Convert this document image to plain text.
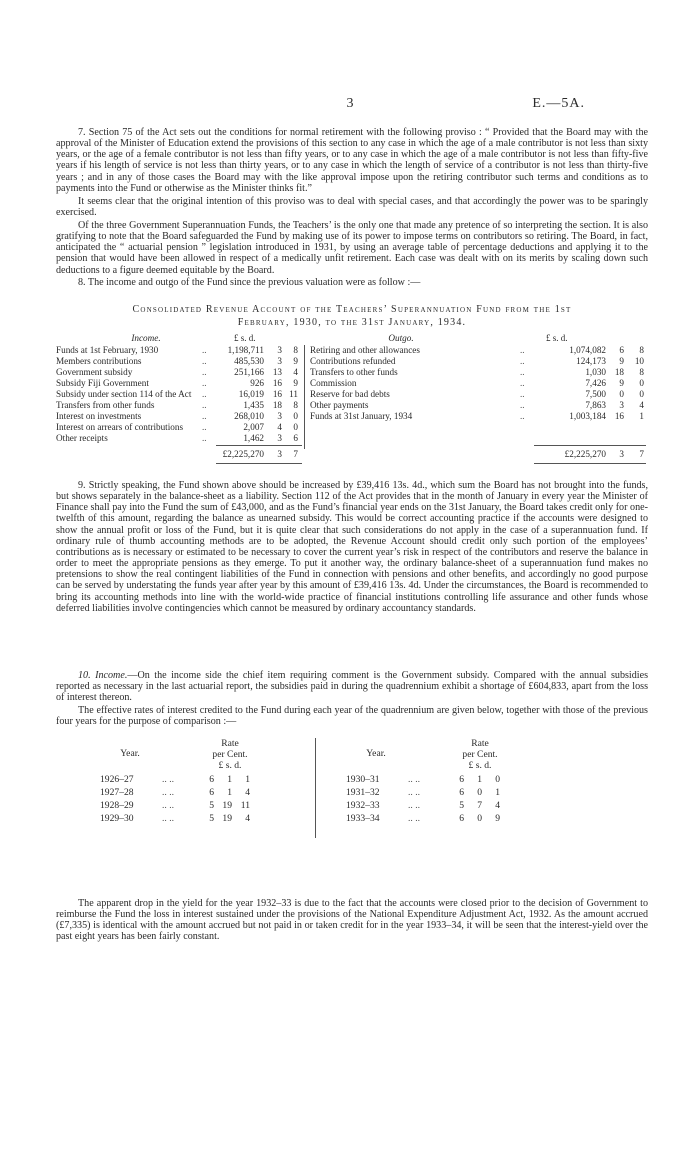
3	E.—5A.

7. Section 75 of the Act sets out the conditions for normal retirement with the following proviso : “ Provided that the Board may with the approval of the Minister of Education extend the provisions of this section to any case in which the age of a male contributor is not less than sixty years, or the age of a female contributor is not less than fifty years, or to any case in which the age of a male contributor is not less than fifty-five years if his length of service is not less than thirty years, or to any case in which the length of service of a contributor is not less than thirty-five years ; and in any of those cases the Board may with the like approval impose upon the retiring contributor such terms and conditions as to payments into the Fund or otherwise as the Minister thinks fit.”

It seems clear that the original intention of this proviso was to deal with special cases, and that accordingly the power was to be sparingly exercised.

Of the three Government Superannuation Funds, the Teachers’ is the only one that made any pretence of so interpreting the section. It is also gratifying to note that the Board safeguarded the Fund by making use of its power to impose terms on contributors so retiring. The Board, in fact, anticipated the “ actuarial pension ” legislation introduced in 1931, by using an average table of percentage deductions and applying it to the pension that would have been allowed in respect of a medically unfit retirement. Each case was dealt with on its merits by scaling down such deductions to a figure deemed equitable by the Board.

8. The income and outgo of the Fund since the previous valuation were as follow :—

Consolidated Revenue Account of the Teachers’ Superannuation Fund from the 1st
February, 1930, to the 31st January, 1934.
Income.	£ s. d.	Outgo.	£ s. d.
Funds at 1st February, 1930	..	1,198,711	3	8
Members contributions	..	485,530	3	9
Government subsidy	..	251,166 13	4
Subsidy Fiji Government	..	926 16	9
Subsidy under section 114 of the Act ..	16,019 16 11
Transfers from other funds	..	1,435 18	8
Interest on investments	..	268,010	3	0
Interest on arrears of contributions ..	2,007	4	0
Other receipts	..	1,462	3	6
Retiring and other allowances	..	1,074,082	6	8
Contributions refunded	..	124,173	9	10
Transfers to other funds	..	1,030 18	8
Commission	..	7,426	9	0
Reserve for bad debts	..	7,500	0	0
Other payments	..	7,863	3	4
Funds at 31st January, 1934	..	1,003,184 16	1
£2,225,270	3	7	£2,225,270	3	7

9. Strictly speaking, the Fund shown above should be increased by £39,416 13s. 4d., which sum the Board has not brought into the funds, but shows separately in the balance-sheet as a liability. Section 112 of the Act provides that in the month of January in every year the Minister of Finance shall pay into the Fund the sum of £43,000, and as the Fund’s financial year ends on the 31st January, the Board takes credit only for one-twelfth of this amount, regarding the balance as unearned subsidy. This would be correct accounting practice if the accounts were designed to show the annual profit or loss of the Fund, but it is quite clear that such considerations do not apply in the case of a superannuation fund. If ordinary rule of thumb accounting methods are to be adopted, the Revenue Account should credit only such portion of the employees’ contributions as is necessary or estimated to be necessary to cover the current year’s risk in respect of the contributors and reserve the balance in order to meet the appropriate pensions as they emerge. To put it another way, the ordinary balance-sheet of a superannuation fund makes no pretensions to show the real contingent liabilities of the Fund in connection with pensions and other benefits, and accordingly no good purpose can be served by understating the funds year after year by this amount of £39,416 13s. 4d. Under the circumstances, the Board is recommended to bring its accounting methods into line with the world-wide practice of financial institutions controlling life assurance and other funds whose deferred liabilities involve contingencies which cannot be measured by ordinary accountancy standards.

10. Income.—On the income side the chief item requiring comment is the Government subsidy. Compared with the annual subsidies reported as necessary in the last actuarial report, the subsidies paid in during the quadrennium exhibit a shortage of £604,833, apart from the loss of interest thereon.

The effective rates of interest credited to the Fund during each year of the quadrennium are given below, together with those of the previous four years for the purpose of comparison :—

Year.
Rate
per Cent.
£ s. d.
Year.
Rate
per Cent.
£ s. d.
1926–27	.. ..	6	1	1
1927–28	.. ..	6	1	4
1928–29	.. ..	5 19 11
1929–30	.. ..	5 19	4
1930–31	.. ..	6	1	0
1931–32	.. ..	6	0	1
1932–33	.. ..	5	7	4
1933–34	.. ..	6	0	9

The apparent drop in the yield for the year 1932–33 is due to the fact that the accounts were closed prior to the decision of Government to reimburse the Fund the loss in interest sustained under the provisions of the National Expenditure Adjustment Act, 1932. As the amount accrued (£7,335) is identical with the amount accrued but not paid in or taken credit for in the year 1933–34, it will be seen that the interest-yield over the past eight years has been fairly constant.
